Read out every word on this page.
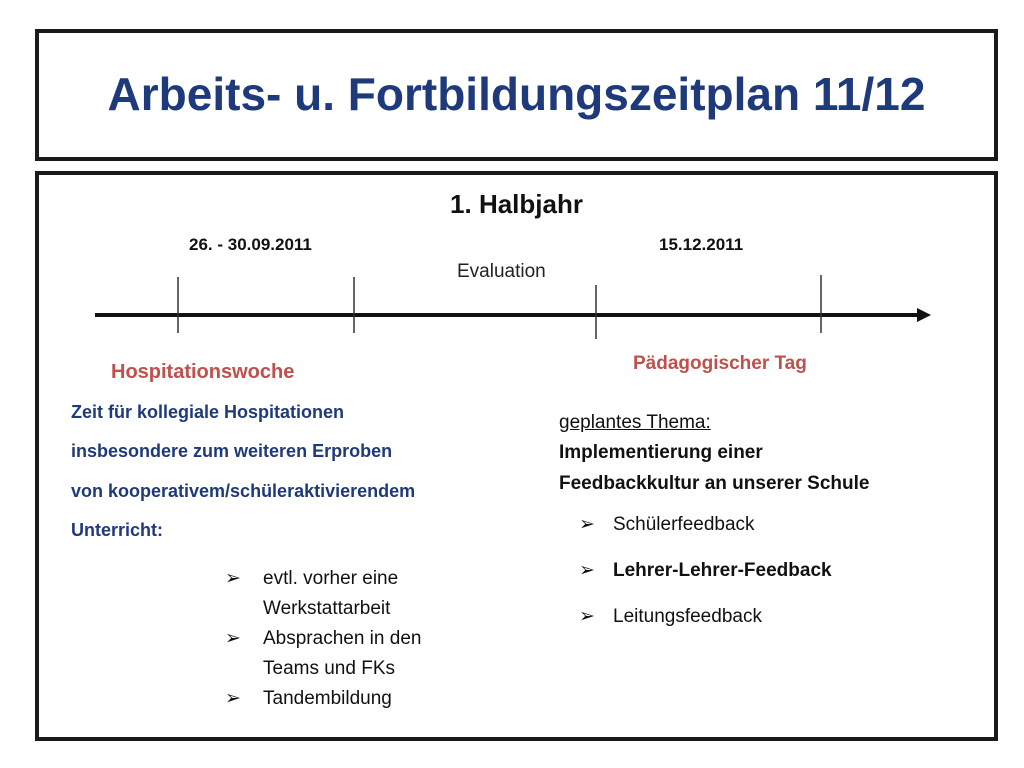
Arbeits- u. Fortbildungszeitplan 11/12
1. Halbjahr
26. - 30.09.2011	15.12.2011
Evaluation
Hospitationswoche	Pädagogischer Tag
Zeit für kollegiale Hospitationen
insbesondere zum weiteren Erproben
von kooperativem/schüleraktivierendem
Unterricht:
➢ evtl. vorher eine Werkstattarbeit
➢ Absprachen in den Teams und FKs
➢ Tandembildung
geplantes Thema:
Implementierung einer
Feedbackkultur an unserer Schule
➢ Schülerfeedback
➢ Lehrer-Lehrer-Feedback
➢ Leitungsfeedback
